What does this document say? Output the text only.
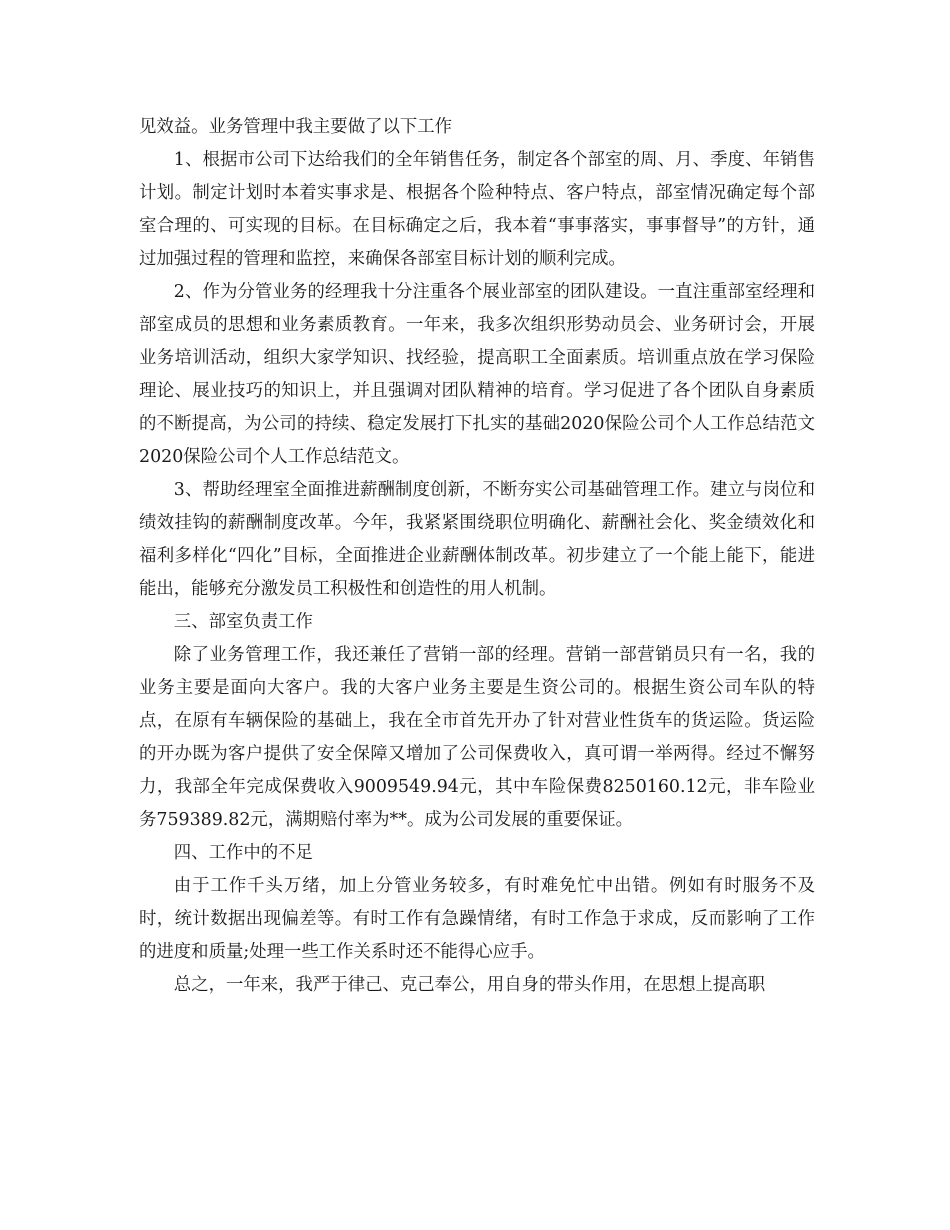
见效益。业务管理中我主要做了以下工作

1、根据市公司下达给我们的全年销售任务，制定各个部室的周、月、季度、年销售计划。制定计划时本着实事求是、根据各个险种特点、客户特点，部室情况确定每个部室合理的、可实现的目标。在目标确定之后，我本着“事事落实，事事督导”的方针，通过加强过程的管理和监控，来确保各部室目标计划的顺利完成。

2、作为分管业务的经理我十分注重各个展业部室的团队建设。一直注重部室经理和部室成员的思想和业务素质教育。一年来，我多次组织形势动员会、业务研讨会，开展业务培训活动，组织大家学知识、找经验，提高职工全面素质。培训重点放在学习保险理论、展业技巧的知识上，并且强调对团队精神的培育。学习促进了各个团队自身素质的不断提高，为公司的持续、稳定发展打下扎实的基础2020保险公司个人工作总结范文2020保险公司个人工作总结范文。

3、帮助经理室全面推进薪酬制度创新，不断夯实公司基础管理工作。建立与岗位和绩效挂钩的薪酬制度改革。今年，我紧紧围绕职位明确化、薪酬社会化、奖金绩效化和福利多样化“四化”目标，全面推进企业薪酬体制改革。初步建立了一个能上能下，能进能出，能够充分激发员工积极性和创造性的用人机制。

三、部室负责工作

除了业务管理工作，我还兼任了营销一部的经理。营销一部营销员只有一名，我的业务主要是面向大客户。我的大客户业务主要是生资公司的。根据生资公司车队的特点，在原有车辆保险的基础上，我在全市首先开办了针对营业性货车的货运险。货运险的开办既为客户提供了安全保障又增加了公司保费收入，真可谓一举两得。经过不懈努力，我部全年完成保费收入9009549.94元，其中车险保费8250160.12元，非车险业务759389.82元，满期赔付率为**。成为公司发展的重要保证。

四、工作中的不足

由于工作千头万绪，加上分管业务较多，有时难免忙中出错。例如有时服务不及时，统计数据出现偏差等。有时工作有急躁情绪，有时工作急于求成，反而影响了工作的进度和质量;处理一些工作关系时还不能得心应手。

总之，一年来，我严于律己、克己奉公，用自身的带头作用，在思想上提高职
